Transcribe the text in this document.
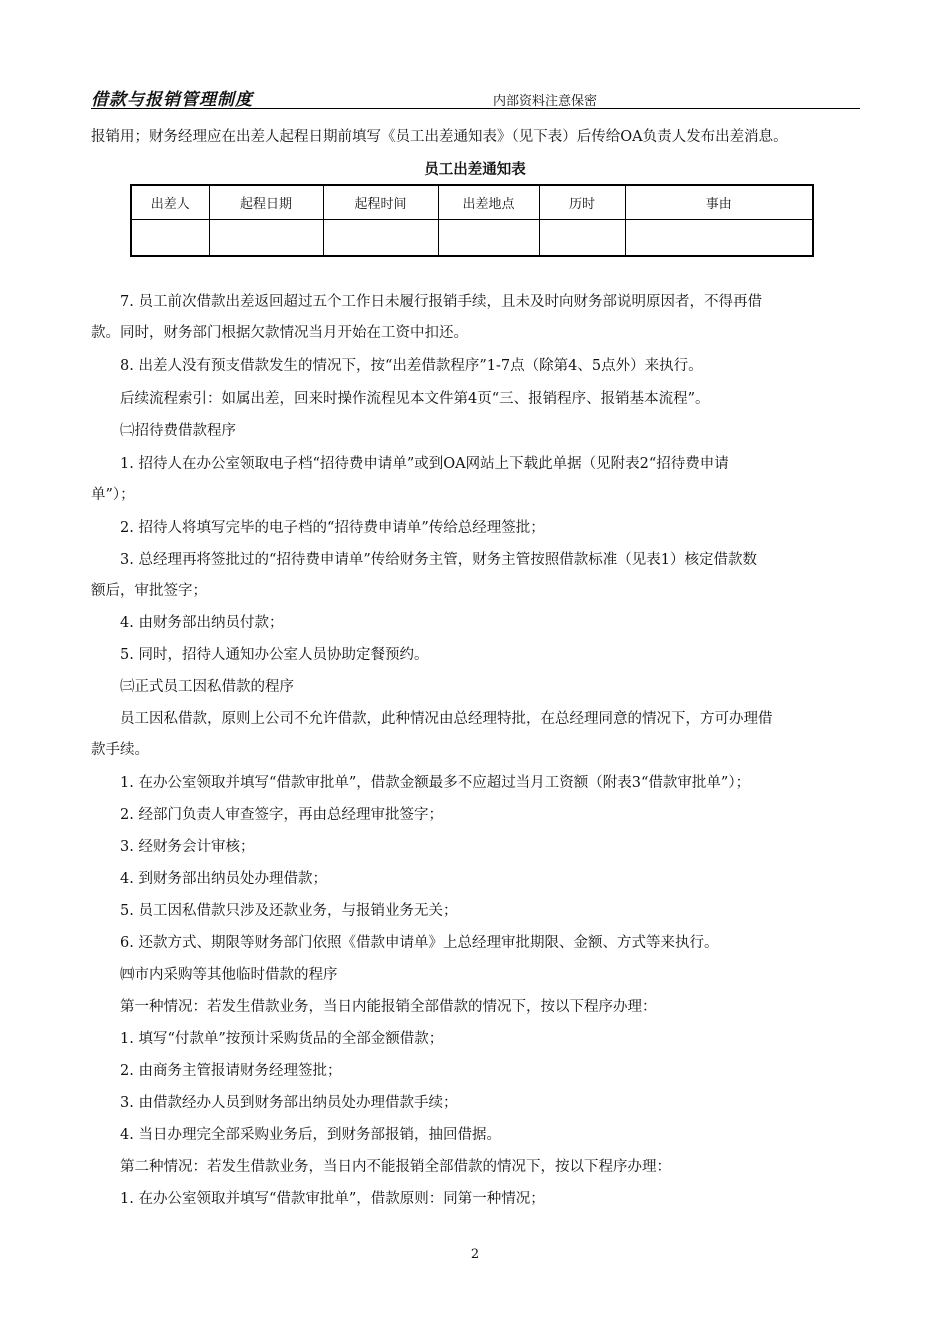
借款与报销管理制度	内部资料注意保密
报销用；财务经理应在出差人起程日期前填写《员工出差通知表》（见下表）后传给OA负责人发布出差消息。
员工出差通知表
出差人	起程日期	起程时间	出差地点	历时	事由

7. 员工前次借款出差返回超过五个工作日未履行报销手续，且未及时向财务部说明原因者，不得再借
款。同时，财务部门根据欠款情况当月开始在工资中扣还。
8. 出差人没有预支借款发生的情况下，按“出差借款程序”1-7点（除第4、5点外）来执行。
后续流程索引：如属出差，回来时操作流程见本文件第4页“三、报销程序、报销基本流程”。
㈡招待费借款程序
1. 招待人在办公室领取电子档“招待费申请单”或到OA网站上下载此单据（见附表2“招待费申请
单”）；
2. 招待人将填写完毕的电子档的“招待费申请单”传给总经理签批；
3. 总经理再将签批过的“招待费申请单”传给财务主管，财务主管按照借款标准（见表1）核定借款数
额后，审批签字；
4. 由财务部出纳员付款；
5. 同时，招待人通知办公室人员协助定餐预约。
㈢正式员工因私借款的程序
员工因私借款，原则上公司不允许借款，此种情况由总经理特批，在总经理同意的情况下，方可办理借
款手续。
1. 在办公室领取并填写“借款审批单”，借款金额最多不应超过当月工资额（附表3“借款审批单”）；
2. 经部门负责人审查签字，再由总经理审批签字；
3. 经财务会计审核；
4. 到财务部出纳员处办理借款；
5. 员工因私借款只涉及还款业务，与报销业务无关；
6. 还款方式、期限等财务部门依照《借款申请单》上总经理审批期限、金额、方式等来执行。
㈣市内采购等其他临时借款的程序
第一种情况：若发生借款业务，当日内能报销全部借款的情况下，按以下程序办理：
1. 填写“付款单”按预计采购货品的全部金额借款；
2. 由商务主管报请财务经理签批；
3. 由借款经办人员到财务部出纳员处办理借款手续；
4. 当日办理完全部采购业务后，到财务部报销，抽回借据。
第二种情况：若发生借款业务，当日内不能报销全部借款的情况下，按以下程序办理：
1. 在办公室领取并填写“借款审批单”，借款原则：同第一种情况；
2
